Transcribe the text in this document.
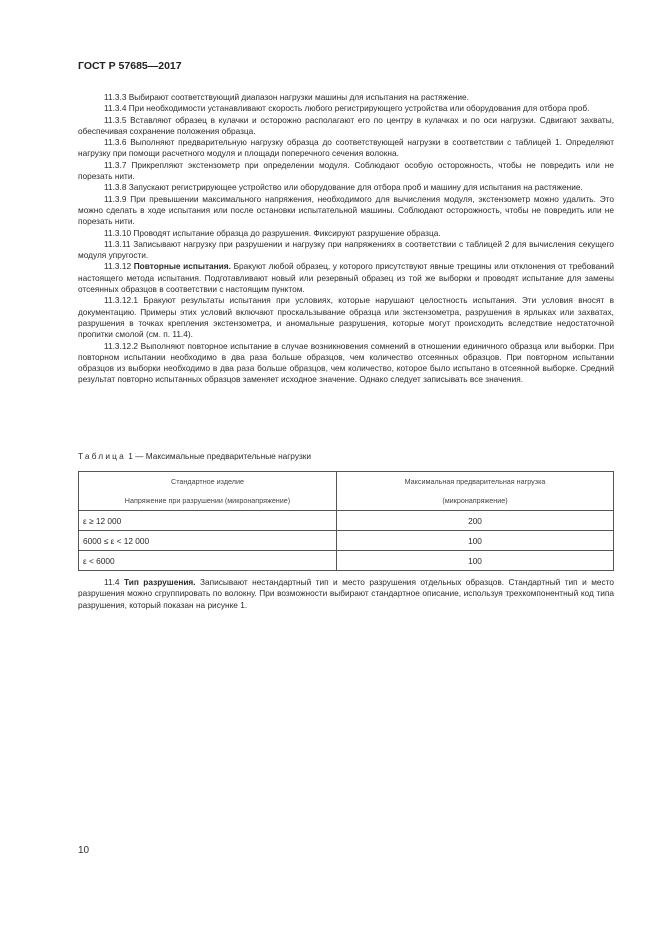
ГОСТ Р 57685—2017

11.3.3 Выбирают соответствующий диапазон нагрузки машины для испытания на растяжение.

11.3.4 При необходимости устанавливают скорость любого регистрирующего устройства или оборудования для отбора проб.

11.3.5 Вставляют образец в кулачки и осторожно располагают его по центру в кулачках и по оси нагрузки. Сдвигают захваты, обеспечивая сохранение положения образца.

11.3.6 Выполняют предварительную нагрузку образца до соответствующей нагрузки в соответствии с таблицей 1. Определяют нагрузку при помощи расчетного модуля и площади поперечного сечения волокна.

11.3.7 Прикрепляют экстензометр при определении модуля. Соблюдают особую осторожность, чтобы не повредить или не порезать нити.

11.3.8 Запускают регистрирующее устройство или оборудование для отбора проб и машину для испытания на растяжение.

11.3.9 При превышении максимального напряжения, необходимого для вычисления модуля, экстензометр можно удалить. Это можно сделать в ходе испытания или после остановки испытательной машины. Соблюдают осторожность, чтобы не повредить или не порезать нити.

11.3.10 Проводят испытание образца до разрушения. Фиксируют разрушение образца.

11.3.11 Записывают нагрузку при разрушении и нагрузку при напряжениях в соответствии с таблицей 2 для вычисления секущего модуля упругости.

11.3.12 Повторные испытания. Бракуют любой образец, у которого присутствуют явные трещины или отклонения от требований настоящего метода испытания. Подготавливают новый или резервный образец из той же выборки и проводят испытание для замены отсеянных образцов в соответствии с настоящим пунктом.

11.3.12.1 Бракуют результаты испытания при условиях, которые нарушают целостность испытания. Эти условия вносят в документацию. Примеры этих условий включают проскальзывание образца или экстензометра, разрушения в ярлыках или захватах, разрушения в точках крепления экстензометра, и аномальные разрушения, которые могут происходить вследствие недостаточной пропитки смолой (см. п. 11.4).

11.3.12.2 Выполняют повторное испытание в случае возникновения сомнений в отношении единичного образца или выборки. При повторном испытании необходимо в два раза больше образцов, чем количество отсеянных образцов. При повторном испытании образцов из выборки необходимо в два раза больше образцов, чем количество, которое было испытано в отсеянной выборке. Средний результат повторно испытанных образцов заменяет исходное значение. Однако следует записывать все значения.

Таблица 1 — Максимальные предварительные нагрузки
Стандартное изделие	Максимальная предварительная нагрузка
Напряжение при разрушении (микронапряжение)	(микронапряжение)
ε ≥ 12 000	200
6000 ≤ ε < 12 000	100
ε < 6000	100

11.4 Тип разрушения. Записывают нестандартный тип и место разрушения отдельных образцов. Стандартный тип и место разрушения можно сгруппировать по волокну. При возможности выбирают стандартное описание, используя трехкомпонентный код типа разрушения, который показан на рисунке 1.

10
